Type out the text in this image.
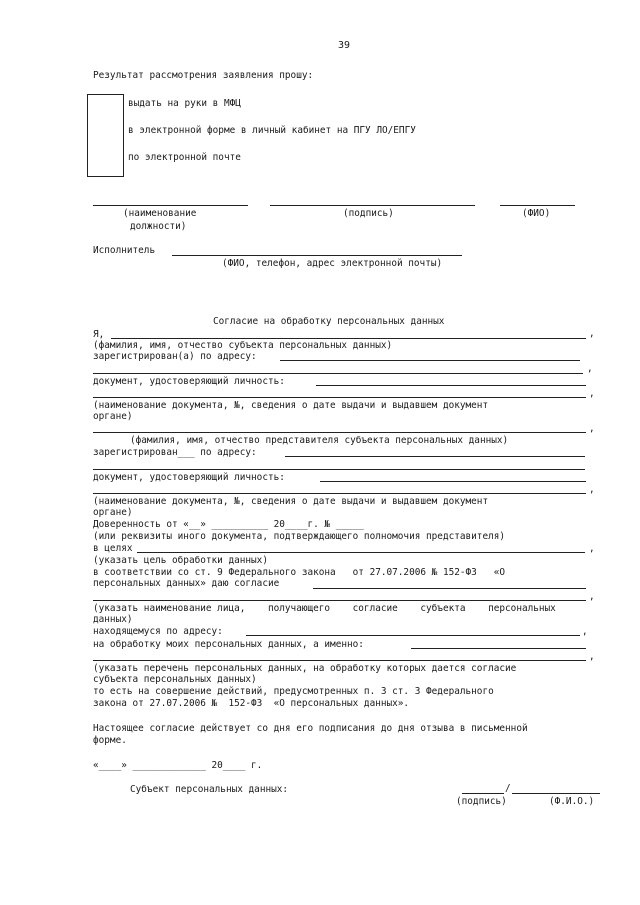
39
Результат рассмотрения заявления прошу:
выдать на руки в МФЦ
в электронной форме в личный кабинет на ПГУ ЛО/ЕПГУ
по электронной почте
(наименование
должности)
(подпись)	(ФИО)
Исполнитель
(ФИО, телефон, адрес электронной почты)
Согласие на обработку персональных данных
Я,	,
(фамилия, имя, отчество субъекта персональных данных)
зарегистрирован(а) по адресу:
,
документ, удостоверяющий личность:
,
(наименование документа, №, сведения о дате выдачи и выдавшем документ
органе)
,
(фамилия, имя, отчество представителя субъекта персональных данных)
зарегистрирован___ по адресу:
документ, удостоверяющий личность:
,
(наименование документа, №, сведения о дате выдачи и выдавшем документ
органе)
Доверенность от «__» __________ 20____г. № _____
(или реквизиты иного документа, подтверждающего полномочия представителя)
в целях	,
(указать цель обработки данных)
в соответствии со ст. 9 Федерального закона   от 27.07.2006 № 152-ФЗ   «О
персональных данных» даю согласие
,
(указать наименование лица,    получающего    согласие    субъекта    персональных
данных)
находящемуся по адресу:	,
на обработку моих персональных данных, а именно:
,
(указать перечень персональных данных, на обработку которых дается согласие
субъекта персональных данных)
то есть на совершение действий, предусмотренных п. 3 ст. 3 Федерального
закона от 27.07.2006 №  152-ФЗ  «О персональных данных».
Настоящее согласие действует со дня его подписания до дня отзыва в письменной
форме.
«____» _____________ 20____ г.
Субъект персональных данных:	/
(подпись)	(Ф.И.О.)
